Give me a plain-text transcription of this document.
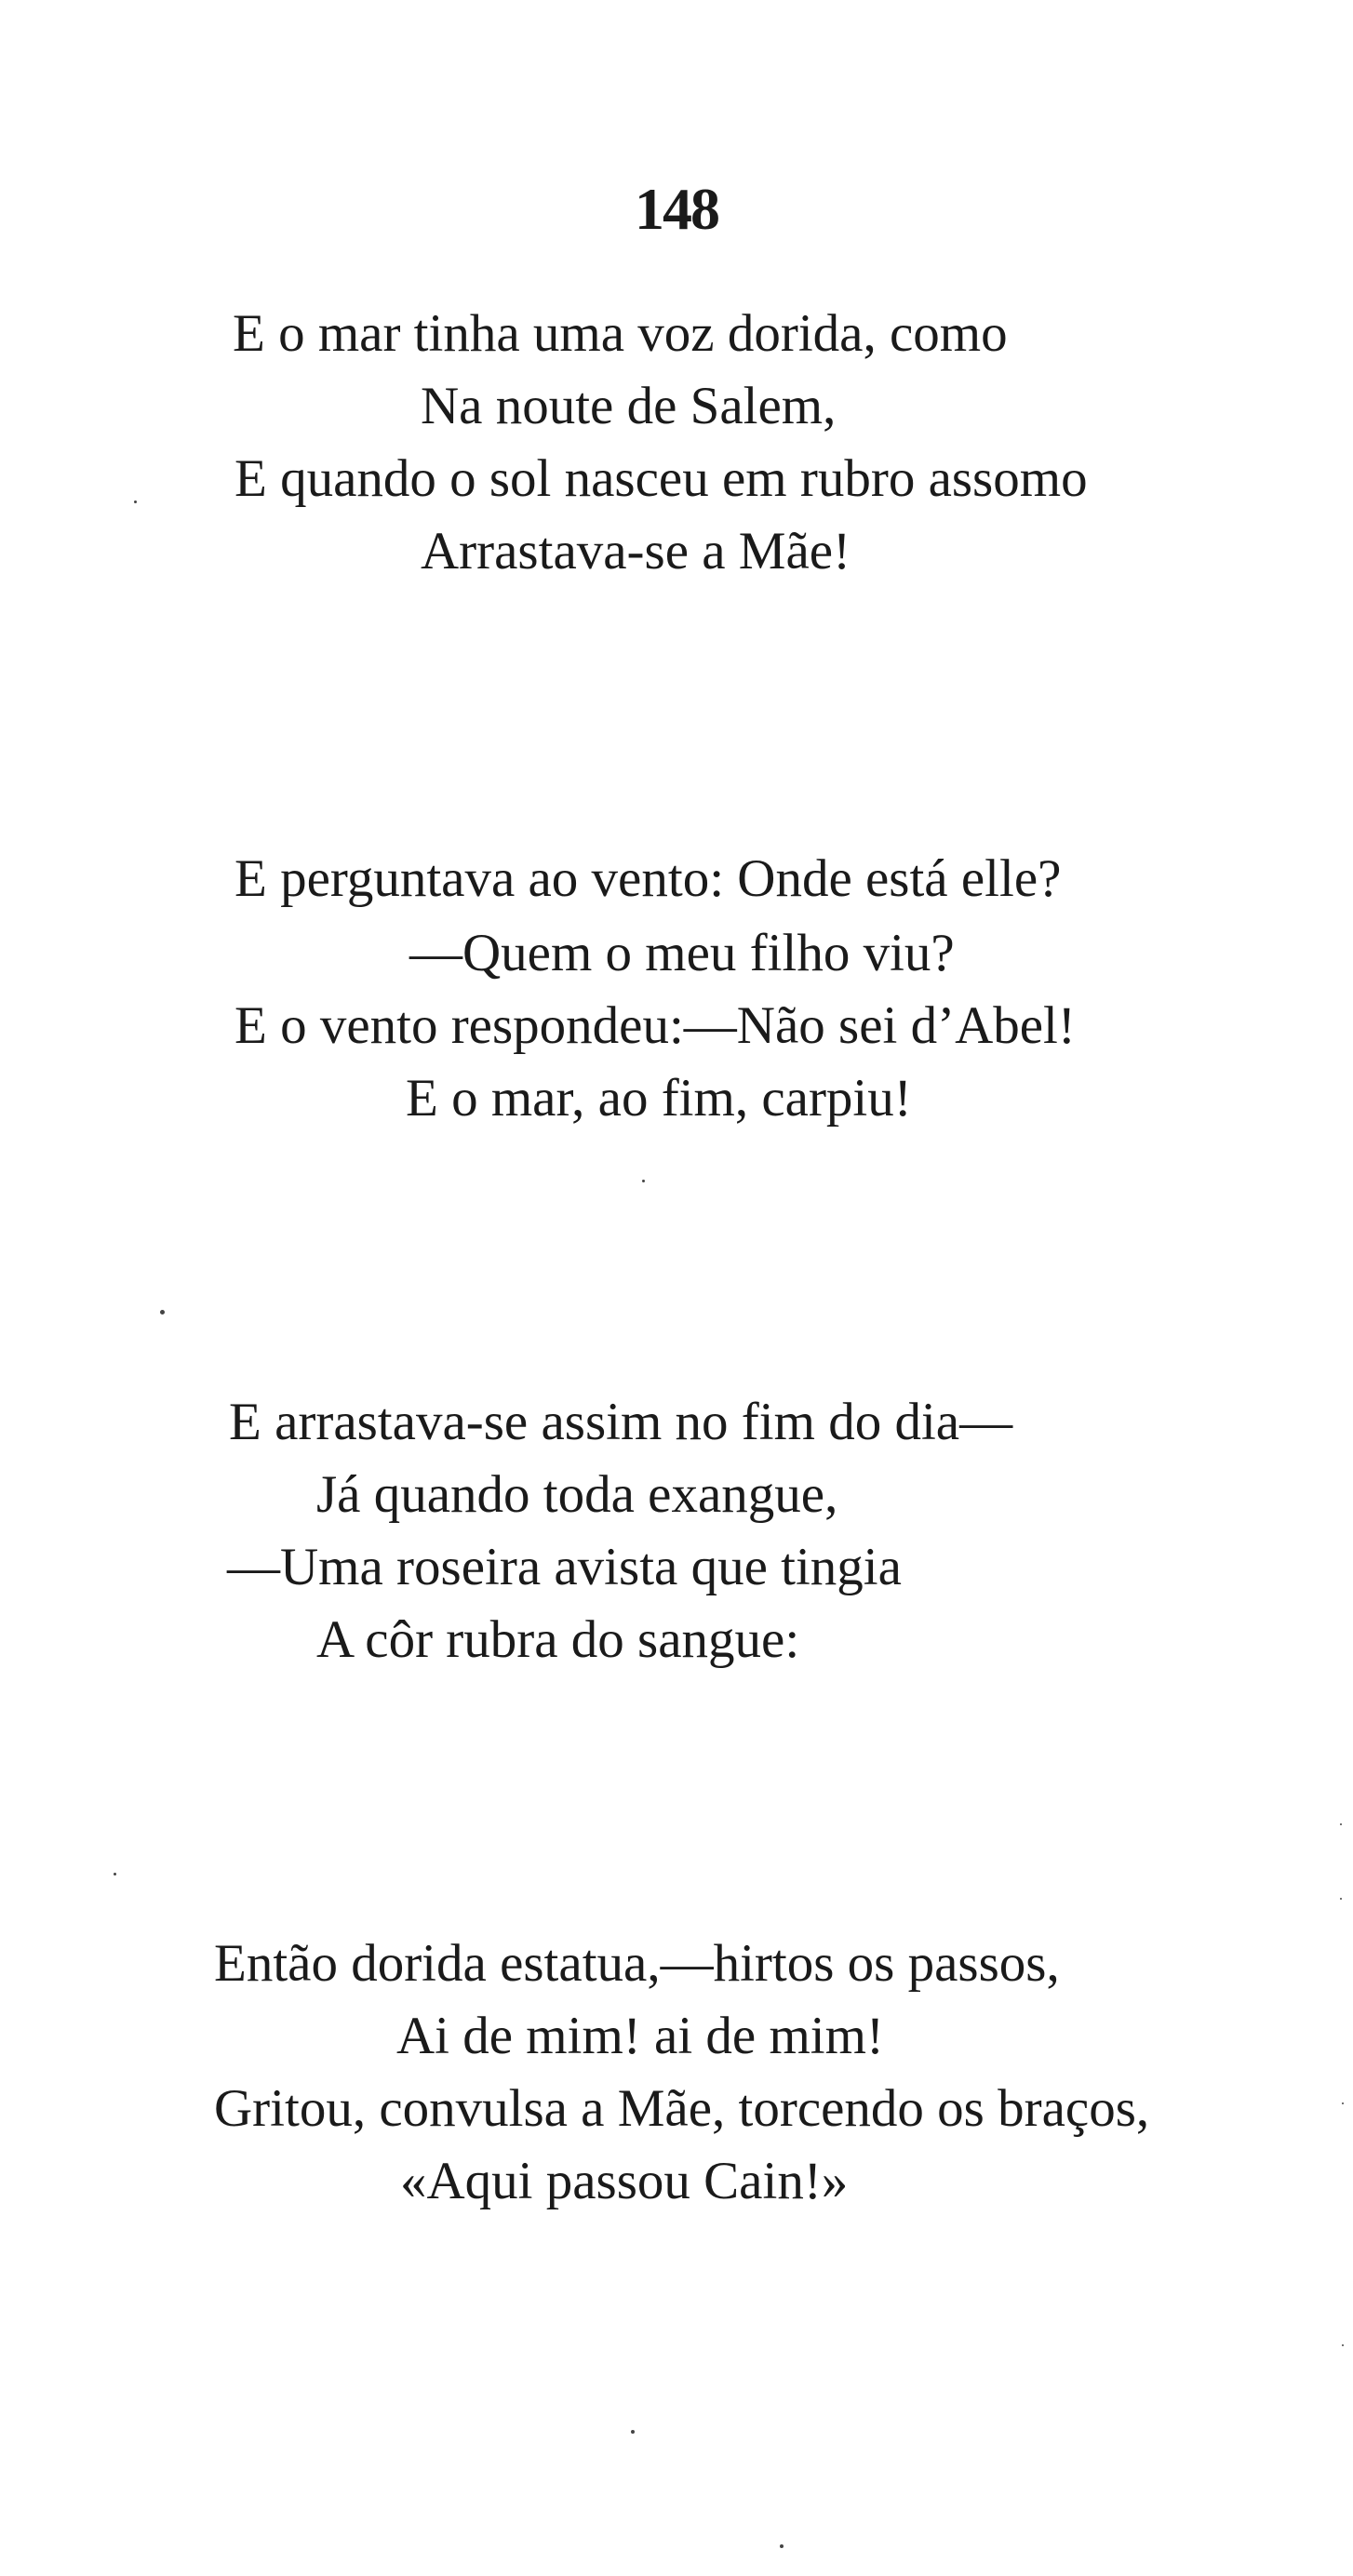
148
E o mar tinha uma voz dorida, como
Na noute de Salem,
E quando o sol nasceu em rubro assomo
Arrastava-se a Mãe!
E perguntava ao vento: Onde está elle?
—Quem o meu filho viu?
E o vento respondeu:—Não sei d’Abel!
E o mar, ao fim, carpiu!
E arrastava-se assim no fim do dia—
Já quando toda exangue,
—Uma roseira avista que tingia
A côr rubra do sangue:
Então dorida estatua,—hirtos os passos,
Ai de mim! ai de mim!
Gritou, convulsa a Mãe, torcendo os braços,
«Aqui passou Cain!»
